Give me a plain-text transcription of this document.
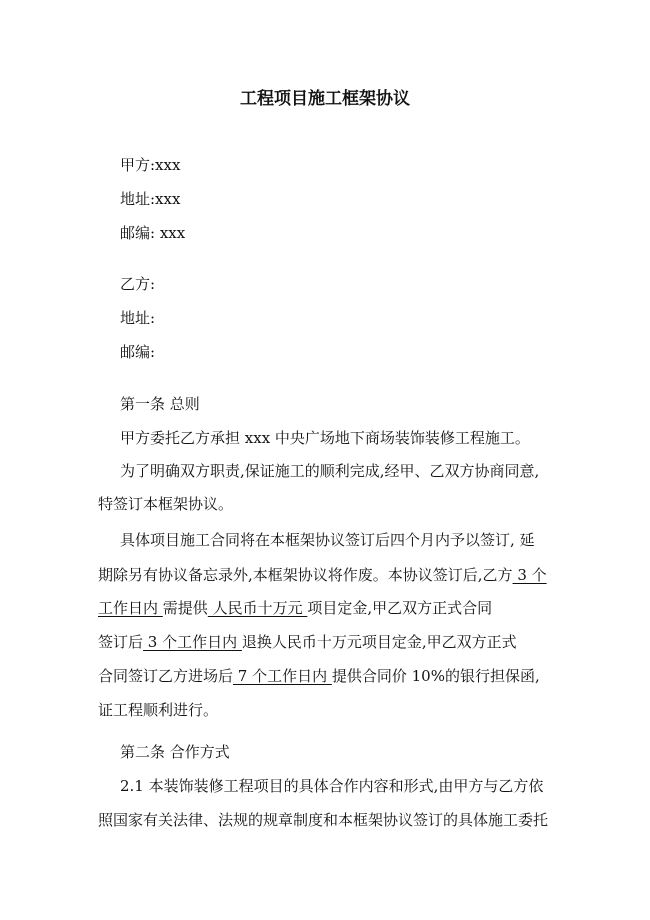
工程项目施工框架协议
甲方:xxx
地址:xxx
邮编: xxx
乙方:
地址:
邮编:
第一条 总则
甲方委托乙方承担 xxx 中央广场地下商场装饰装修工程施工。
为了明确双方职责,保证施工的顺利完成,经甲、乙双方协商同意,
特签订本框架协议。
具体项目施工合同将在本框架协议签订后四个月内予以签订, 延
期除另有协议备忘录外,本框架协议将作废。本协议签订后,乙方 3 个
工作日内 需提供 人民币十万元 项目定金,甲乙双方正式合同
签订后 3 个工作日内 退换人民币十万元项目定金,甲乙双方正式
合同签订乙方进场后 7 个工作日内 提供合同价 10%的银行担保函,
证工程顺利进行。
第二条 合作方式
2.1 本装饰装修工程项目的具体合作内容和形式,由甲方与乙方依
照国家有关法律、法规的规章制度和本框架协议签订的具体施工委托
